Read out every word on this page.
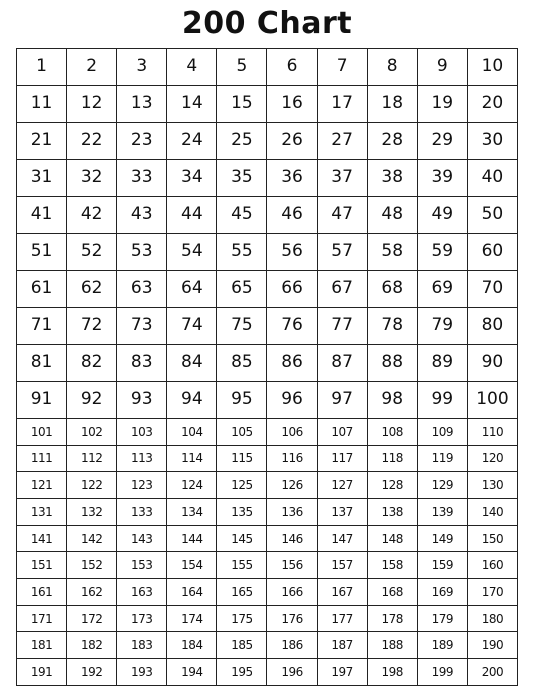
200 Chart
1	2	3	4	5	6	7	8	9	10
11	12	13	14	15	16	17	18	19	20
21	22	23	24	25	26	27	28	29	30
31	32	33	34	35	36	37	38	39	40
41	42	43	44	45	46	47	48	49	50
51	52	53	54	55	56	57	58	59	60
61	62	63	64	65	66	67	68	69	70
71	72	73	74	75	76	77	78	79	80
81	82	83	84	85	86	87	88	89	90
91	92	93	94	95	96	97	98	99	100
101	102	103	104	105	106	107	108	109	110
111	112	113	114	115	116	117	118	119	120
121	122	123	124	125	126	127	128	129	130
131	132	133	134	135	136	137	138	139	140
141	142	143	144	145	146	147	148	149	150
151	152	153	154	155	156	157	158	159	160
161	162	163	164	165	166	167	168	169	170
171	172	173	174	175	176	177	178	179	180
181	182	183	184	185	186	187	188	189	190
191	192	193	194	195	196	197	198	199	200
